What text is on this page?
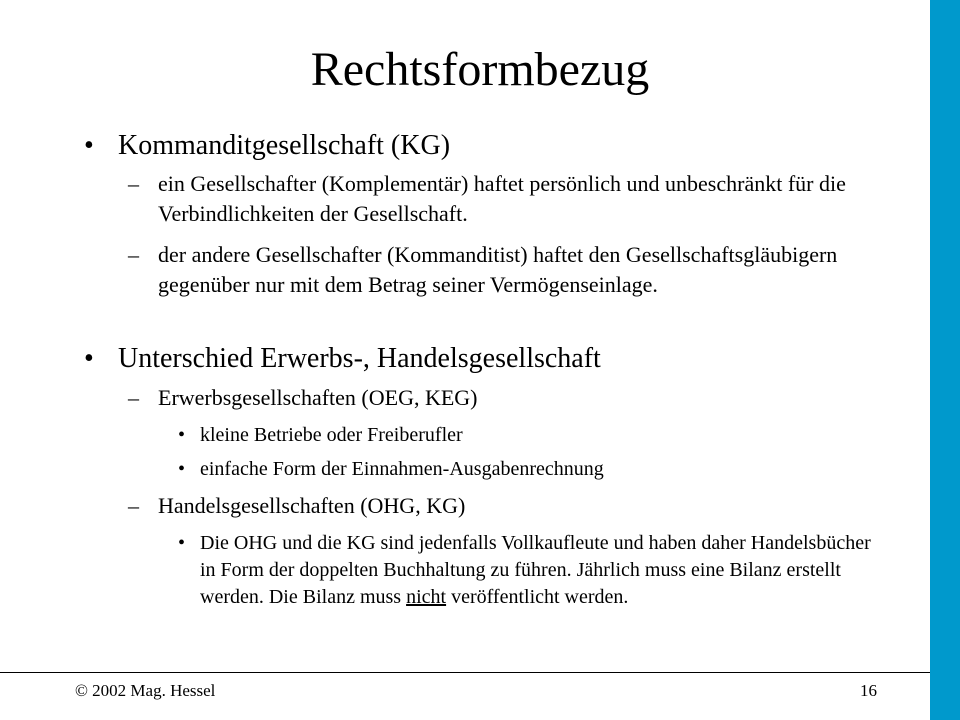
Rechtsformbezug
• Kommanditgesellschaft (KG)
– ein Gesellschafter (Komplementär) haftet persönlich und unbeschränkt für die Verbindlichkeiten der Gesellschaft.
– der andere Gesellschafter (Kommanditist) haftet den Gesellschaftsgläubigern gegenüber nur mit dem Betrag seiner Vermögenseinlage.
• Unterschied Erwerbs-, Handelsgesellschaft
– Erwerbsgesellschaften (OEG, KEG)
• kleine Betriebe oder Freiberufler
• einfache Form der Einnahmen-Ausgabenrechnung
– Handelsgesellschaften (OHG, KG)
• Die OHG und die KG sind jedenfalls Vollkaufleute und haben daher Handelsbücher in Form der doppelten Buchhaltung zu führen. Jährlich muss eine Bilanz erstellt werden. Die Bilanz muss nicht veröffentlicht werden.
© 2002 Mag. Hessel	16
